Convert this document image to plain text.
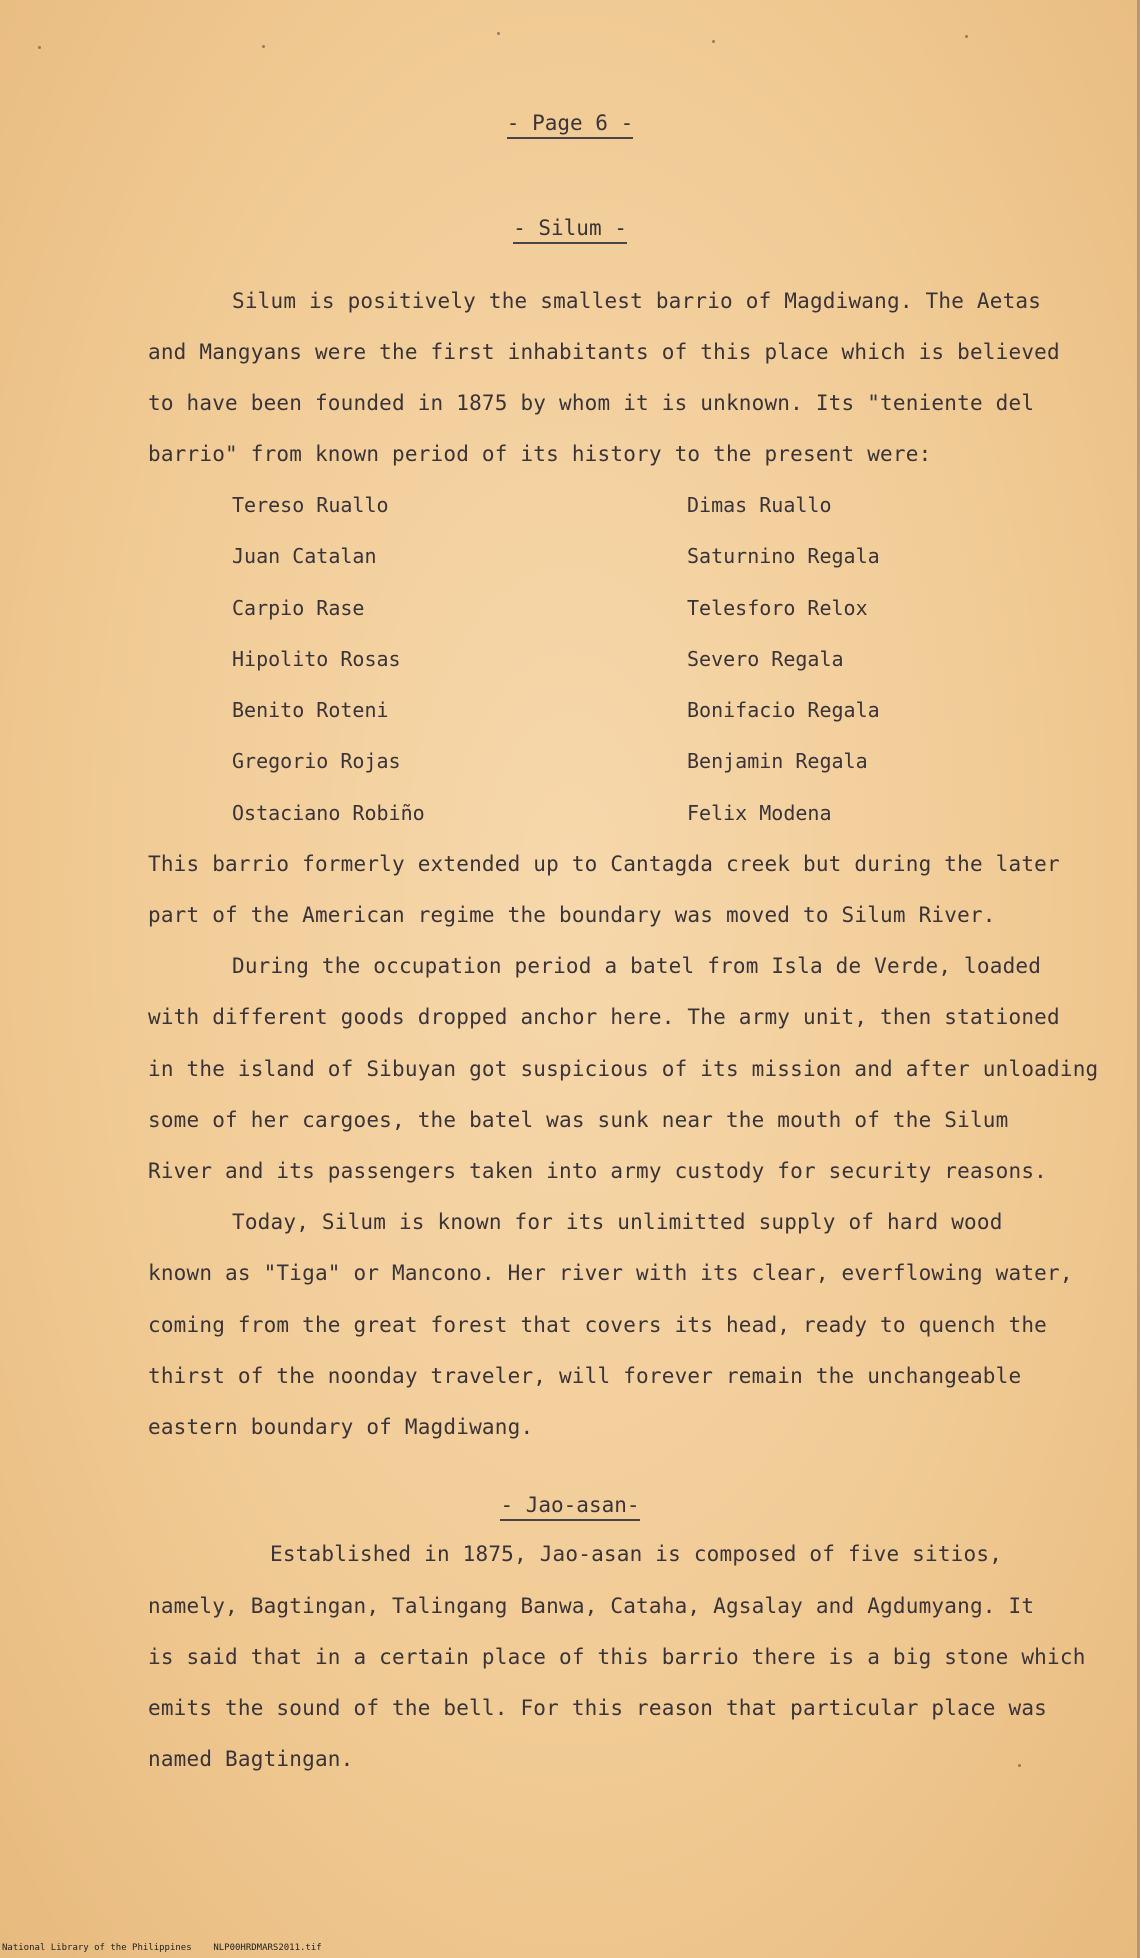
- Page 6 -
- Silum -
Silum is positively the smallest barrio of Magdiwang. The Aetas
and Mangyans were the first inhabitants of this place which is believed
to have been founded in 1875 by whom it is unknown. Its "teniente del
barrio" from known period of its history to the present were:
Tereso Ruallo
Juan Catalan
Carpio Rase
Hipolito Rosas
Benito Roteni
Gregorio Rojas
Ostaciano Robiño
Dimas Ruallo
Saturnino Regala
Telesforo Relox
Severo Regala
Bonifacio Regala
Benjamin Regala
Felix Modena
This barrio formerly extended up to Cantagda creek but during the later
part of the American regime the boundary was moved to Silum River.
During the occupation period a batel from Isla de Verde, loaded
with different goods dropped anchor here. The army unit, then stationed
in the island of Sibuyan got suspicious of its mission and after unloading
some of her cargoes, the batel was sunk near the mouth of the Silum
River and its passengers taken into army custody for security reasons.
Today, Silum is known for its unlimitted supply of hard wood
known as "Tiga" or Mancono. Her river with its clear, everflowing water,
coming from the great forest that covers its head, ready to quench the
thirst of the noonday traveler, will forever remain the unchangeable
eastern boundary of Magdiwang.
- Jao-asan-
Established in 1875, Jao-asan is composed of five sitios,
namely, Bagtingan, Talingang Banwa, Cataha, Agsalay and Agdumyang. It
is said that in a certain place of this barrio there is a big stone which
emits the sound of the bell. For this reason that particular place was
named Bagtingan.
National Library of the Philippines    NLP00HRDMARS2011.tif
